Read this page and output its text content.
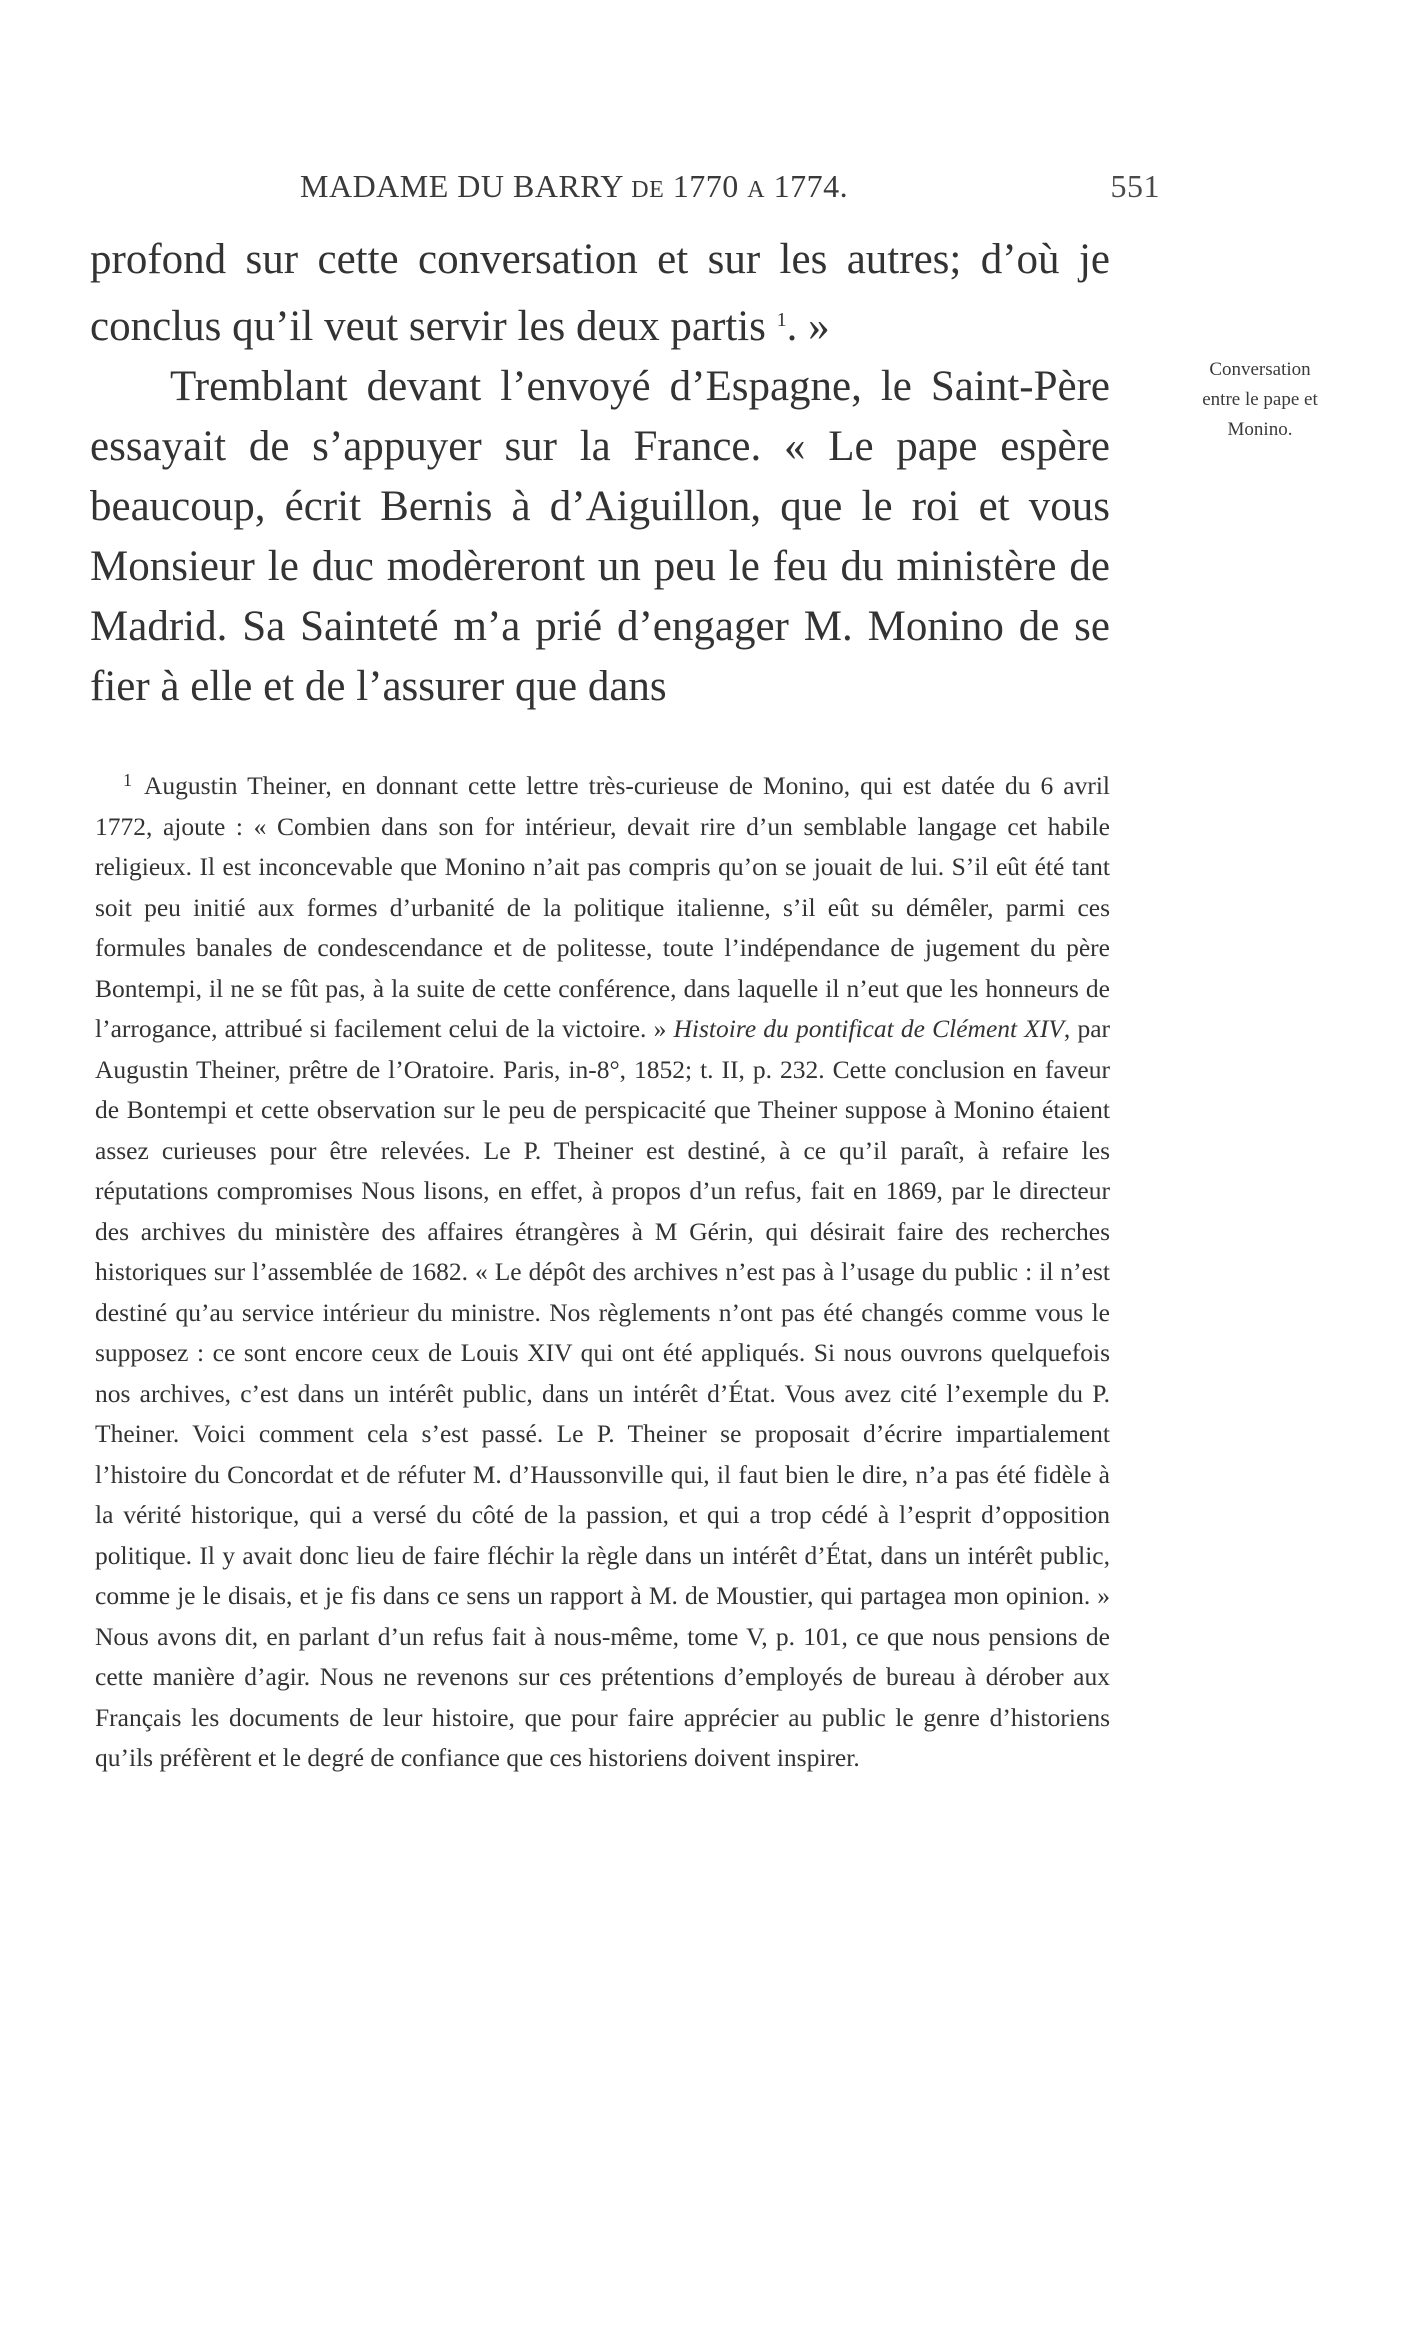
MADAME DU BARRY DE 1770 A 1774.	551

profond sur cette conversation et sur les autres; d’où je conclus qu’il veut servir les deux partis $^1$. »

Tremblant devant l’envoyé d’Espagne, le Saint-Père essayait de s’appuyer sur la France. « Le pape espère beaucoup, écrit Bernis à d’Aiguillon, que le roi et vous Monsieur le duc modèreront un peu le feu du ministère de Madrid. Sa Sainteté m’a prié d’engager M. Monino de se fier à elle et de l’assurer que dans

Conversation
entre le pape et
Monino.
$^1$ Augustin Theiner, en donnant cette lettre très-curieuse de Monino, qui est datée du 6 avril 1772, ajoute : « Combien dans son for intérieur, devait rire d’un semblable langage cet habile religieux. Il est inconcevable que Monino n’ait pas compris qu’on se jouait de lui. S’il eût été tant soit peu initié aux formes d’urbanité de la politique italienne, s’il eût su démêler, parmi ces formules banales de condescendance et de politesse, toute l’indépendance de jugement du père Bontempi, il ne se fût pas, à la suite de cette conférence, dans laquelle il n’eut que les honneurs de l’arrogance, attribué si facilement celui de la victoire. » Histoire du pontificat de Clément XIV, par Augustin Theiner, prêtre de l’Oratoire. Paris, in-8°, 1852; t. II, p. 232. Cette conclusion en faveur de Bontempi et cette observation sur le peu de perspicacité que Theiner suppose à Monino étaient assez curieuses pour être relevées. Le P. Theiner est destiné, à ce qu’il paraît, à refaire les réputations compromises Nous lisons, en effet, à propos d’un refus, fait en 1869, par le directeur des archives du ministère des affaires étrangères à M Gérin, qui désirait faire des recherches historiques sur l’assemblée de 1682. « Le dépôt des archives n’est pas à l’usage du public : il n’est destiné qu’au service intérieur du ministre. Nos règlements n’ont pas été changés comme vous le supposez : ce sont encore ceux de Louis XIV qui ont été appliqués. Si nous ouvrons quelquefois nos archives, c’est dans un intérêt public, dans un intérêt d’État. Vous avez cité l’exemple du P. Theiner. Voici comment cela s’est passé. Le P. Theiner se proposait d’écrire impartialement l’histoire du Concordat et de réfuter M. d’Haussonville qui, il faut bien le dire, n’a pas été fidèle à la vérité historique, qui a versé du côté de la passion, et qui a trop cédé à l’esprit d’opposition politique. Il y avait donc lieu de faire fléchir la règle dans un intérêt d’État, dans un intérêt public, comme je le disais, et je fis dans ce sens un rapport à M. de Moustier, qui partagea mon opinion. » Nous avons dit, en parlant d’un refus fait à nous-même, tome V, p. 101, ce que nous pensions de cette manière d’agir. Nous ne revenons sur ces prétentions d’employés de bureau à dérober aux Français les documents de leur histoire, que pour faire apprécier au public le genre d’historiens qu’ils préfèrent et le degré de confiance que ces historiens doivent inspirer.
